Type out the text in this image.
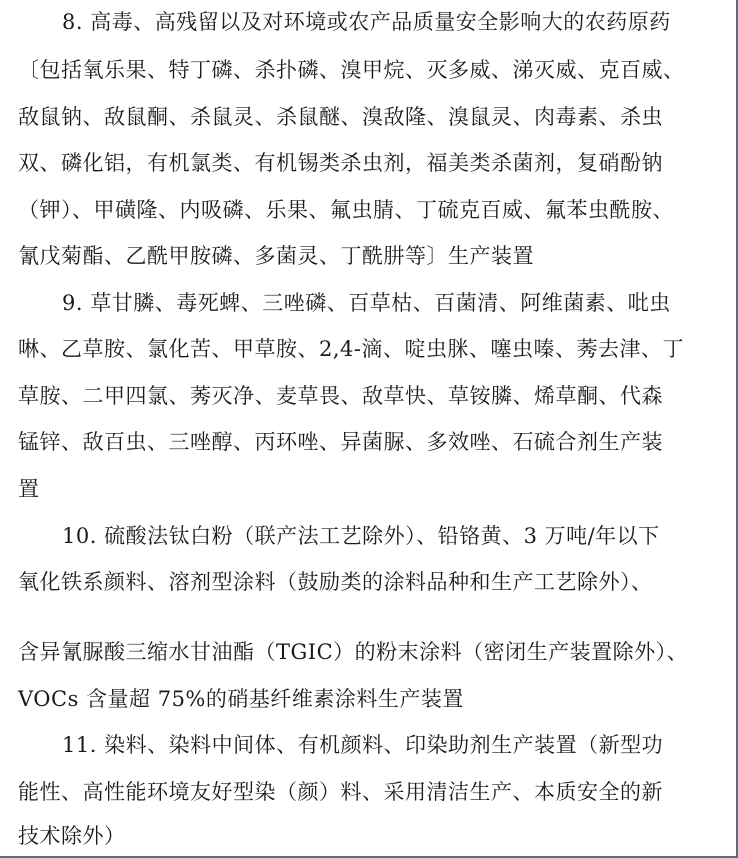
8. 高毒、高残留以及对环境或农产品质量安全影响大的农药原药
〔包括氧乐果、特丁磷、杀扑磷、溴甲烷、灭多威、涕灭威、克百威、
敌鼠钠、敌鼠酮、杀鼠灵、杀鼠醚、溴敌隆、溴鼠灵、肉毒素、杀虫
双、磷化铝，有机氯类、有机锡类杀虫剂，福美类杀菌剂，复硝酚钠
（钾）、甲磺隆、内吸磷、乐果、氟虫腈、丁硫克百威、氟苯虫酰胺、
氰戊菊酯、乙酰甲胺磷、多菌灵、丁酰肼等〕生产装置
9. 草甘膦、毒死蜱、三唑磷、百草枯、百菌清、阿维菌素、吡虫
啉、乙草胺、氯化苦、甲草胺、2,4-滴、啶虫脒、噻虫嗪、莠去津、丁
草胺、二甲四氯、莠灭净、麦草畏、敌草快、草铵膦、烯草酮、代森
锰锌、敌百虫、三唑醇、丙环唑、异菌脲、多效唑、石硫合剂生产装
置
10. 硫酸法钛白粉（联产法工艺除外）、铅铬黄、3 万吨/年以下
氧化铁系颜料、溶剂型涂料（鼓励类的涂料品种和生产工艺除外）、
含异氰脲酸三缩水甘油酯（TGIC）的粉末涂料（密闭生产装置除外）、
VOCs 含量超 75%的硝基纤维素涂料生产装置
11. 染料、染料中间体、有机颜料、印染助剂生产装置（新型功
能性、高性能环境友好型染（颜）料、采用清洁生产、本质安全的新
技术除外）
